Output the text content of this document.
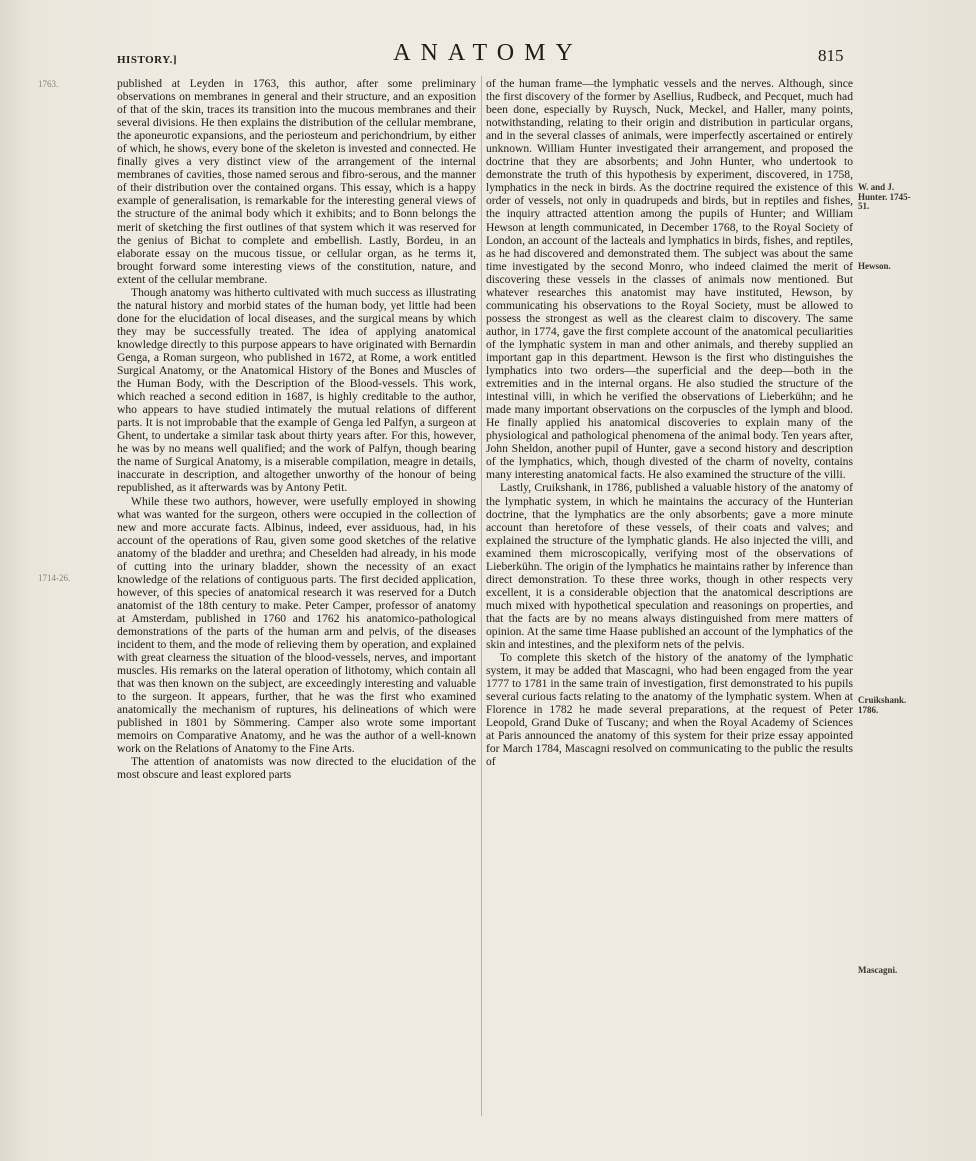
HISTORY.]	ANATOMY	815
1763.
1714-26.

published at Leyden in 1763, this author, after some preliminary observations on membranes in general and their structure, and an exposition of that of the skin, traces its transition into the mucous membranes and their several divisions. He then explains the distribution of the cellular membrane, the aponeurotic expansions, and the periosteum and perichondrium, by either of which, he shows, every bone of the skeleton is invested and connected. He finally gives a very distinct view of the arrangement of the internal membranes of cavities, those named serous and fibro-serous, and the manner of their distribution over the contained organs. This essay, which is a happy example of generalisation, is remarkable for the interesting general views of the structure of the animal body which it exhibits; and to Bonn belongs the merit of sketching the first outlines of that system which it was reserved for the genius of Bichat to complete and embellish. Lastly, Bordeu, in an elaborate essay on the mucous tissue, or cellular organ, as he terms it, brought forward some interesting views of the constitution, nature, and extent of the cellular membrane.

Though anatomy was hitherto cultivated with much success as illustrating the natural history and morbid states of the human body, yet little had been done for the elucidation of local diseases, and the surgical means by which they may be successfully treated. The idea of applying anatomical knowledge directly to this purpose appears to have originated with Bernardin Genga, a Roman surgeon, who published in 1672, at Rome, a work entitled Surgical Anatomy, or the Anatomical History of the Bones and Muscles of the Human Body, with the Description of the Blood-vessels. This work, which reached a second edition in 1687, is highly creditable to the author, who appears to have studied intimately the mutual relations of different parts. It is not improbable that the example of Genga led Palfyn, a surgeon at Ghent, to undertake a similar task about thirty years after. For this, however, he was by no means well qualified; and the work of Palfyn, though bearing the name of Surgical Anatomy, is a miserable compilation, meagre in details, inaccurate in description, and altogether unworthy of the honour of being republished, as it afterwards was by Antony Petit.

While these two authors, however, were usefully employed in showing what was wanted for the surgeon, others were occupied in the collection of new and more accurate facts. Albinus, indeed, ever assiduous, had, in his account of the operations of Rau, given some good sketches of the relative anatomy of the bladder and urethra; and Cheselden had already, in his mode of cutting into the urinary bladder, shown the necessity of an exact knowledge of the relations of contiguous parts. The first decided application, however, of this species of anatomical research it was reserved for a Dutch anatomist of the 18th century to make. Peter Camper, professor of anatomy at Amsterdam, published in 1760 and 1762 his anatomico-pathological demonstrations of the parts of the human arm and pelvis, of the diseases incident to them, and the mode of relieving them by operation, and explained with great clearness the situation of the blood-vessels, nerves, and important muscles. His remarks on the lateral operation of lithotomy, which contain all that was then known on the subject, are exceedingly interesting and valuable to the surgeon. It appears, further, that he was the first who examined anatomically the mechanism of ruptures, his delineations of which were published in 1801 by Sömmering. Camper also wrote some important memoirs on Comparative Anatomy, and he was the author of a well-known work on the Relations of Anatomy to the Fine Arts.

The attention of anatomists was now directed to the elucidation of the most obscure and least explored parts

of the human frame—the lymphatic vessels and the nerves. Although, since the first discovery of the former by Asellius, Rudbeck, and Pecquet, much had been done, especially by Ruysch, Nuck, Meckel, and Haller, many points, notwithstanding, relating to their origin and distribution in particular organs, and in the several classes of animals, were imperfectly ascertained or entirely unknown. William Hunter investigated their arrangement, and proposed the doctrine that they are absorbents; and John Hunter, who undertook to demonstrate the truth of this hypothesis by experiment, discovered, in 1758, lymphatics in the neck in birds. As the doctrine required the existence of this order of vessels, not only in quadrupeds and birds, but in reptiles and fishes, the inquiry attracted attention among the pupils of Hunter; and William Hewson at length communicated, in December 1768, to the Royal Society of London, an account of the lacteals and lymphatics in birds, fishes, and reptiles, as he had discovered and demonstrated them. The subject was about the same time investigated by the second Monro, who indeed claimed the merit of discovering these vessels in the classes of animals now mentioned. But whatever researches this anatomist may have instituted, Hewson, by communicating his observations to the Royal Society, must be allowed to possess the strongest as well as the clearest claim to discovery. The same author, in 1774, gave the first complete account of the anatomical peculiarities of the lymphatic system in man and other animals, and thereby supplied an important gap in this department. Hewson is the first who distinguishes the lymphatics into two orders—the superficial and the deep—both in the extremities and in the internal organs. He also studied the structure of the intestinal villi, in which he verified the observations of Lieberkühn; and he made many important observations on the corpuscles of the lymph and blood. He finally applied his anatomical discoveries to explain many of the physiological and pathological phenomena of the animal body. Ten years after, John Sheldon, another pupil of Hunter, gave a second history and description of the lymphatics, which, though divested of the charm of novelty, contains many interesting anatomical facts. He also examined the structure of the villi.

Lastly, Cruikshank, in 1786, published a valuable history of the anatomy of the lymphatic system, in which he maintains the accuracy of the Hunterian doctrine, that the lymphatics are the only absorbents; gave a more minute account than heretofore of these vessels, of their coats and valves; and explained the structure of the lymphatic glands. He also injected the villi, and examined them microscopically, verifying most of the observations of Lieberkühn. The origin of the lymphatics he maintains rather by inference than direct demonstration. To these three works, though in other respects very excellent, it is a considerable objection that the anatomical descriptions are much mixed with hypothetical speculation and reasonings on properties, and that the facts are by no means always distinguished from mere matters of opinion. At the same time Haase published an account of the lymphatics of the skin and intestines, and the plexiform nets of the pelvis.

To complete this sketch of the history of the anatomy of the lymphatic system, it may be added that Mascagni, who had been engaged from the year 1777 to 1781 in the same train of investigation, first demonstrated to his pupils several curious facts relating to the anatomy of the lymphatic system. When at Florence in 1782 he made several preparations, at the request of Peter Leopold, Grand Duke of Tuscany; and when the Royal Academy of Sciences at Paris announced the anatomy of this system for their prize essay appointed for March 1784, Mascagni resolved on communicating to the public the results of

W. and J. Hunter. 1745-51.
Hewson.
Cruikshank. 1786.
Mascagni.
